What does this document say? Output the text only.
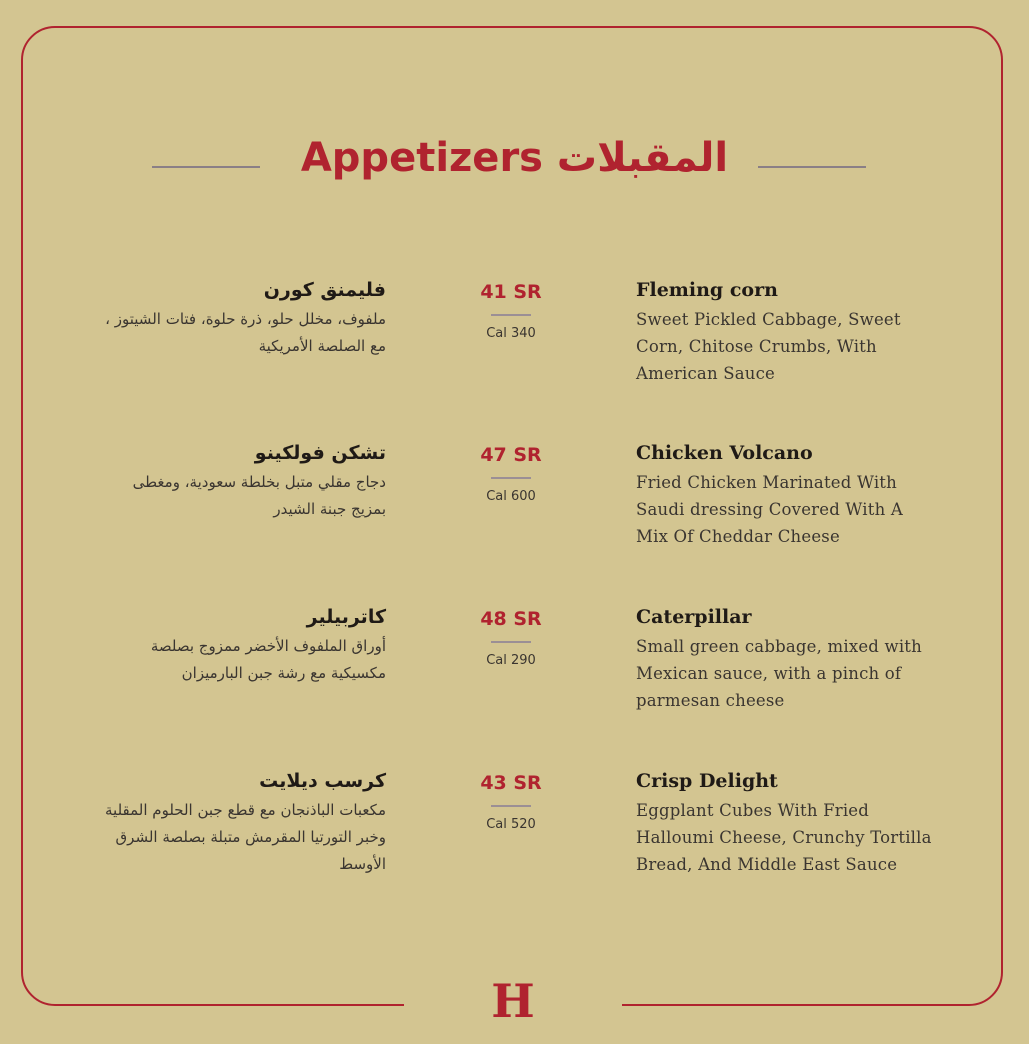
H
Appetizers المقبلات
فليمنق كورن
ملفوف، مخلل حلو، ذرة حلوة، فتات الشيتوز ، مع الصلصة الأمريكية
41 SR
Cal 340
Fleming corn
Sweet Pickled Cabbage, Sweet Corn, Chitose Crumbs, With American Sauce
تشكن فولكينو
دجاج مقلي متبل بخلطة سعودية، ومغطى بمزيج جبنة الشيدر
47 SR
Cal 600
Chicken Volcano
Fried Chicken Marinated With Saudi dressing Covered With A Mix Of Cheddar Cheese
كاتربيلير
أوراق الملفوف الأخضر ممزوج بصلصة مكسيكية مع رشة جبن البارميزان
48 SR
Cal 290
Caterpillar
Small green cabbage, mixed with Mexican sauce, with a pinch of parmesan cheese
كرسب ديلايت
مكعبات الباذنجان مع قطع جبن الحلوم المقلية وخبر التورتيا المقرمش متبلة بصلصة الشرق الأوسط
43 SR
Cal 520
Crisp Delight
Eggplant Cubes With Fried Halloumi Cheese, Crunchy Tortilla Bread, And Middle East Sauce
